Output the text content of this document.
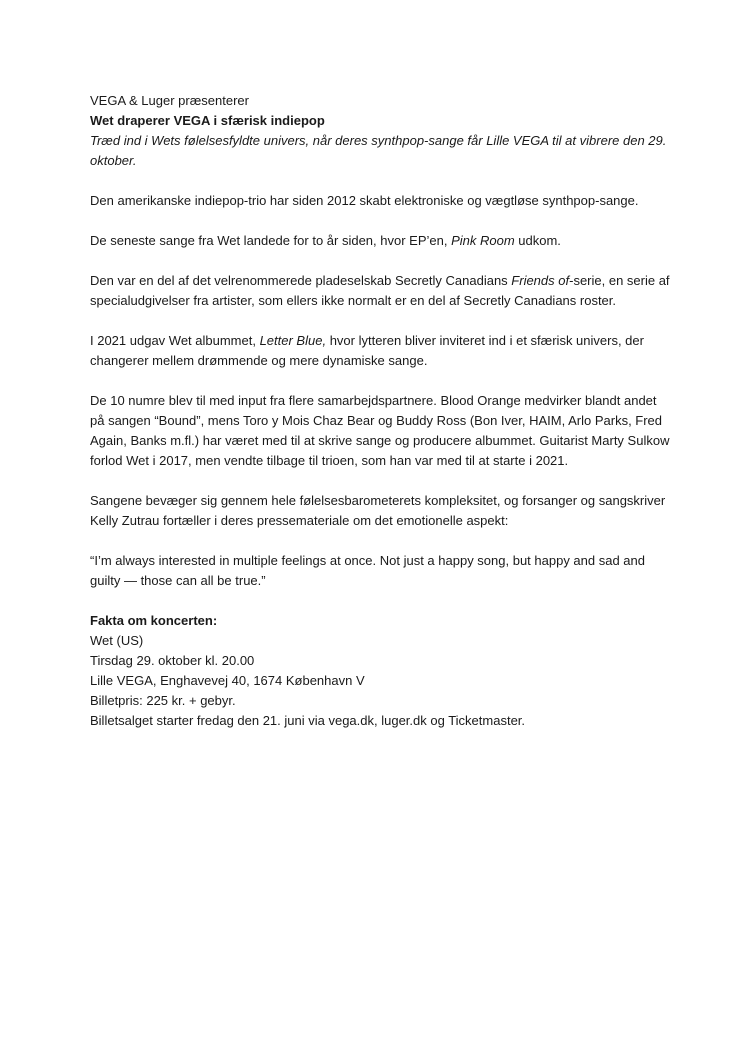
VEGA & Luger præsenterer

Wet draperer VEGA i sfærisk indiepop

Træd ind i Wets følelsesfyldte univers, når deres synthpop-sange får Lille VEGA til at vibrere den 29. oktober.

Den amerikanske indiepop-trio har siden 2012 skabt elektroniske og vægtløse synthpop-sange.

De seneste sange fra Wet landede for to år siden, hvor EP’en, Pink Room udkom.

Den var en del af det velrenommerede pladeselskab Secretly Canadians Friends of-serie, en serie af specialudgivelser fra artister, som ellers ikke normalt er en del af Secretly Canadians roster.

I 2021 udgav Wet albummet, Letter Blue, hvor lytteren bliver inviteret ind i et sfærisk univers, der changerer mellem drømmende og mere dynamiske sange.

De 10 numre blev til med input fra flere samarbejdspartnere. Blood Orange medvirker blandt andet på sangen “Bound”, mens Toro y Mois Chaz Bear og Buddy Ross (Bon Iver, HAIM, Arlo Parks, Fred Again, Banks m.fl.) har været med til at skrive sange og producere albummet. Guitarist Marty Sulkow forlod Wet i 2017, men vendte tilbage til trioen, som han var med til at starte i 2021.

Sangene bevæger sig gennem hele følelsesbarometerets kompleksitet, og forsanger og sangskriver Kelly Zutrau fortæller i deres pressemateriale om det emotionelle aspekt:

“I’m always interested in multiple feelings at once. Not just a happy song, but happy and sad and guilty — those can all be true.”

Fakta om koncerten:

Wet (US)

Tirsdag 29. oktober kl. 20.00

Lille VEGA, Enghavevej 40, 1674 København V

Billetpris: 225 kr. + gebyr.

Billetsalget starter fredag den 21. juni via vega.dk, luger.dk og Ticketmaster.
